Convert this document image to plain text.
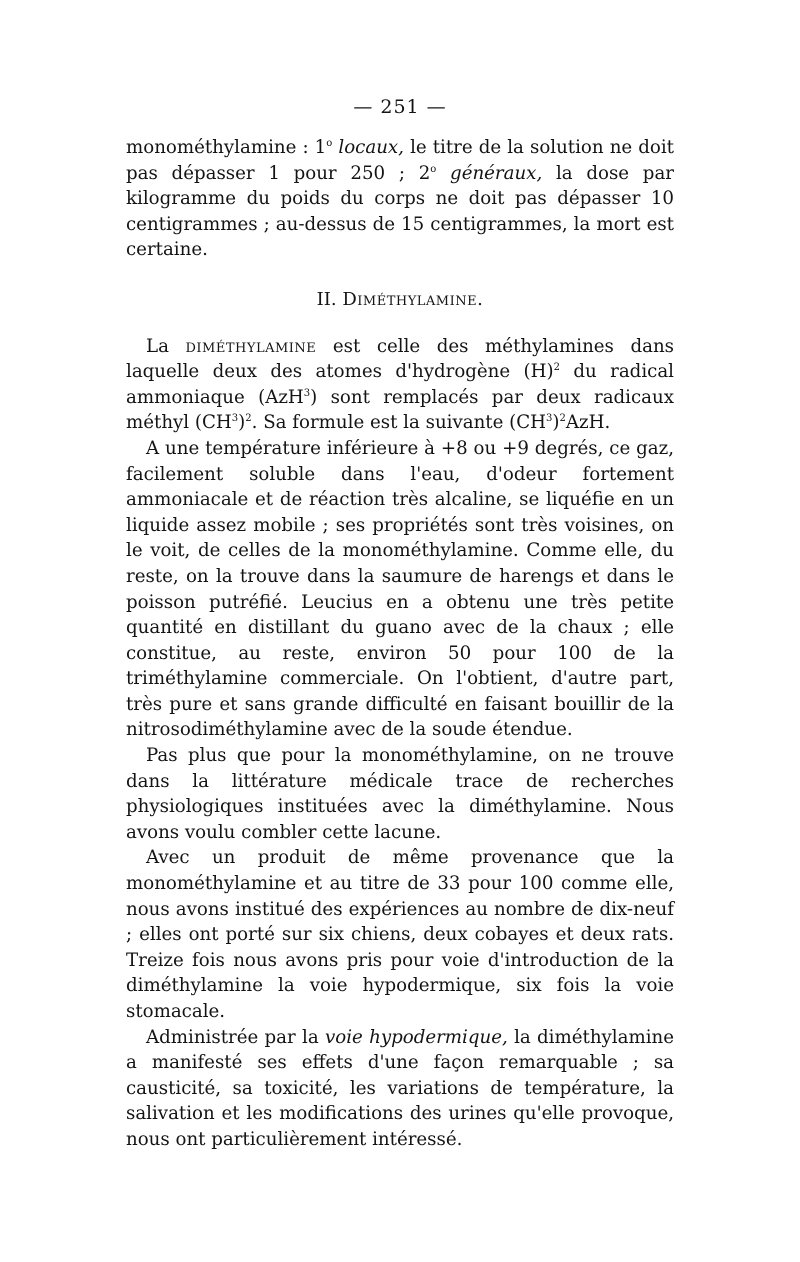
— 251 —

monométhylamine : 1$^o$ locaux, le titre de la solution ne doit pas dépasser 1 pour 250 ; 2$^o$ généraux, la dose par kilogramme du poids du corps ne doit pas dépasser 10 centigrammes ; au-dessus de 15 centigrammes, la mort est certaine.

II. Diméthylamine.

La diméthylamine est celle des méthylamines dans laquelle deux des atomes d'hydrogène $(H)^2$ du radical ammoniaque (AzH$^3$) sont remplacés par deux radicaux méthyl $(CH^3)^2$. Sa formule est la suivante $(CH^3)^2AzH$.

A une température inférieure à +8 ou +9 degrés, ce gaz, facilement soluble dans l'eau, d'odeur fortement ammoniacale et de réaction très alcaline, se liquéfie en un liquide assez mobile ; ses propriétés sont très voisines, on le voit, de celles de la monométhylamine. Comme elle, du reste, on la trouve dans la saumure de harengs et dans le poisson putréfié. Leucius en a obtenu une très petite quantité en distillant du guano avec de la chaux ; elle constitue, au reste, environ 50 pour 100 de la triméthylamine commerciale. On l'obtient, d'autre part, très pure et sans grande difficulté en faisant bouillir de la nitrosodiméthylamine avec de la soude étendue.

Pas plus que pour la monométhylamine, on ne trouve dans la littérature médicale trace de recherches physiologiques instituées avec la diméthylamine. Nous avons voulu combler cette lacune.

Avec un produit de même provenance que la monométhylamine et au titre de 33 pour 100 comme elle, nous avons institué des expériences au nombre de dix-neuf ; elles ont porté sur six chiens, deux cobayes et deux rats. Treize fois nous avons pris pour voie d'introduction de la diméthylamine la voie hypodermique, six fois la voie stomacale.

Administrée par la voie hypodermique, la diméthylamine a manifesté ses effets d'une façon remarquable ; sa causticité, sa toxicité, les variations de température, la salivation et les modifications des urines qu'elle provoque, nous ont particulièrement intéressé.
